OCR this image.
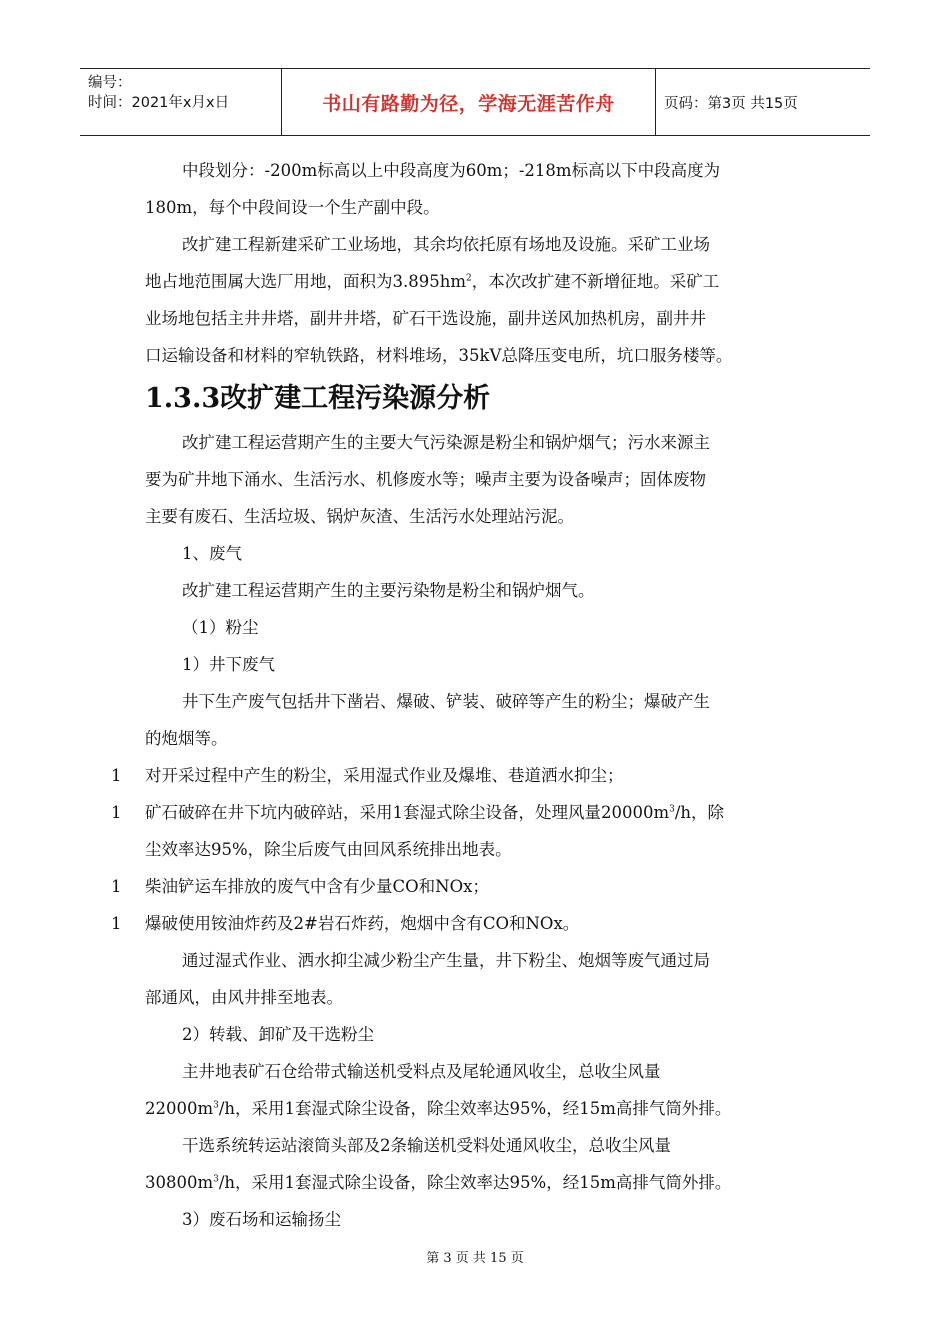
编号：
时间：2021年x月x日	书山有路勤为径，学海无涯苦作舟	页码：第3页 共15页

中段划分：-200m标高以上中段高度为60m；-218m标高以下中段高度为

180m，每个中段间设一个生产副中段。

改扩建工程新建采矿工业场地，其余均依托原有场地及设施。采矿工业场

地占地范围属大选厂用地，面积为$3.895hm^2$，本次改扩建不新增征地。采矿工

业场地包括主井井塔，副井井塔，矿石干选设施，副井送风加热机房，副井井

口运输设备和材料的窄轨铁路，材料堆场，35kV总降压变电所，坑口服务楼等。

1.3.3改扩建工程污染源分析

改扩建工程运营期产生的主要大气污染源是粉尘和锅炉烟气；污水来源主

要为矿井地下涌水、生活污水、机修废水等；噪声主要为设备噪声；固体废物

主要有废石、生活垃圾、锅炉灰渣、生活污水处理站污泥。

1、废气

改扩建工程运营期产生的主要污染物是粉尘和锅炉烟气。

（1）粉尘

1）井下废气

井下生产废气包括井下凿岩、爆破、铲装、破碎等产生的粉尘；爆破产生

的炮烟等。

1 对开采过程中产生的粉尘，采用湿式作业及爆堆、巷道洒水抑尘；

1 矿石破碎在井下坑内破碎站，采用1套湿式除尘设备，处理风量$20000m^3/h$，除

尘效率达95%，除尘后废气由回风系统排出地表。

1 柴油铲运车排放的废气中含有少量CO和NOx；

1 爆破使用铵油炸药及2#岩石炸药，炮烟中含有CO和NOx。

通过湿式作业、洒水抑尘减少粉尘产生量，井下粉尘、炮烟等废气通过局

部通风，由风井排至地表。

2）转载、卸矿及干选粉尘

主井地表矿石仓给带式输送机受料点及尾轮通风收尘，总收尘风量

$22000m^3/h$，采用1套湿式除尘设备，除尘效率达95%，经15m高排气筒外排。

干选系统转运站滚筒头部及2条输送机受料处通风收尘，总收尘风量

$30800m^3/h$，采用1套湿式除尘设备，除尘效率达95%，经15m高排气筒外排。

3）废石场和运输扬尘

第 3 页 共 15 页
